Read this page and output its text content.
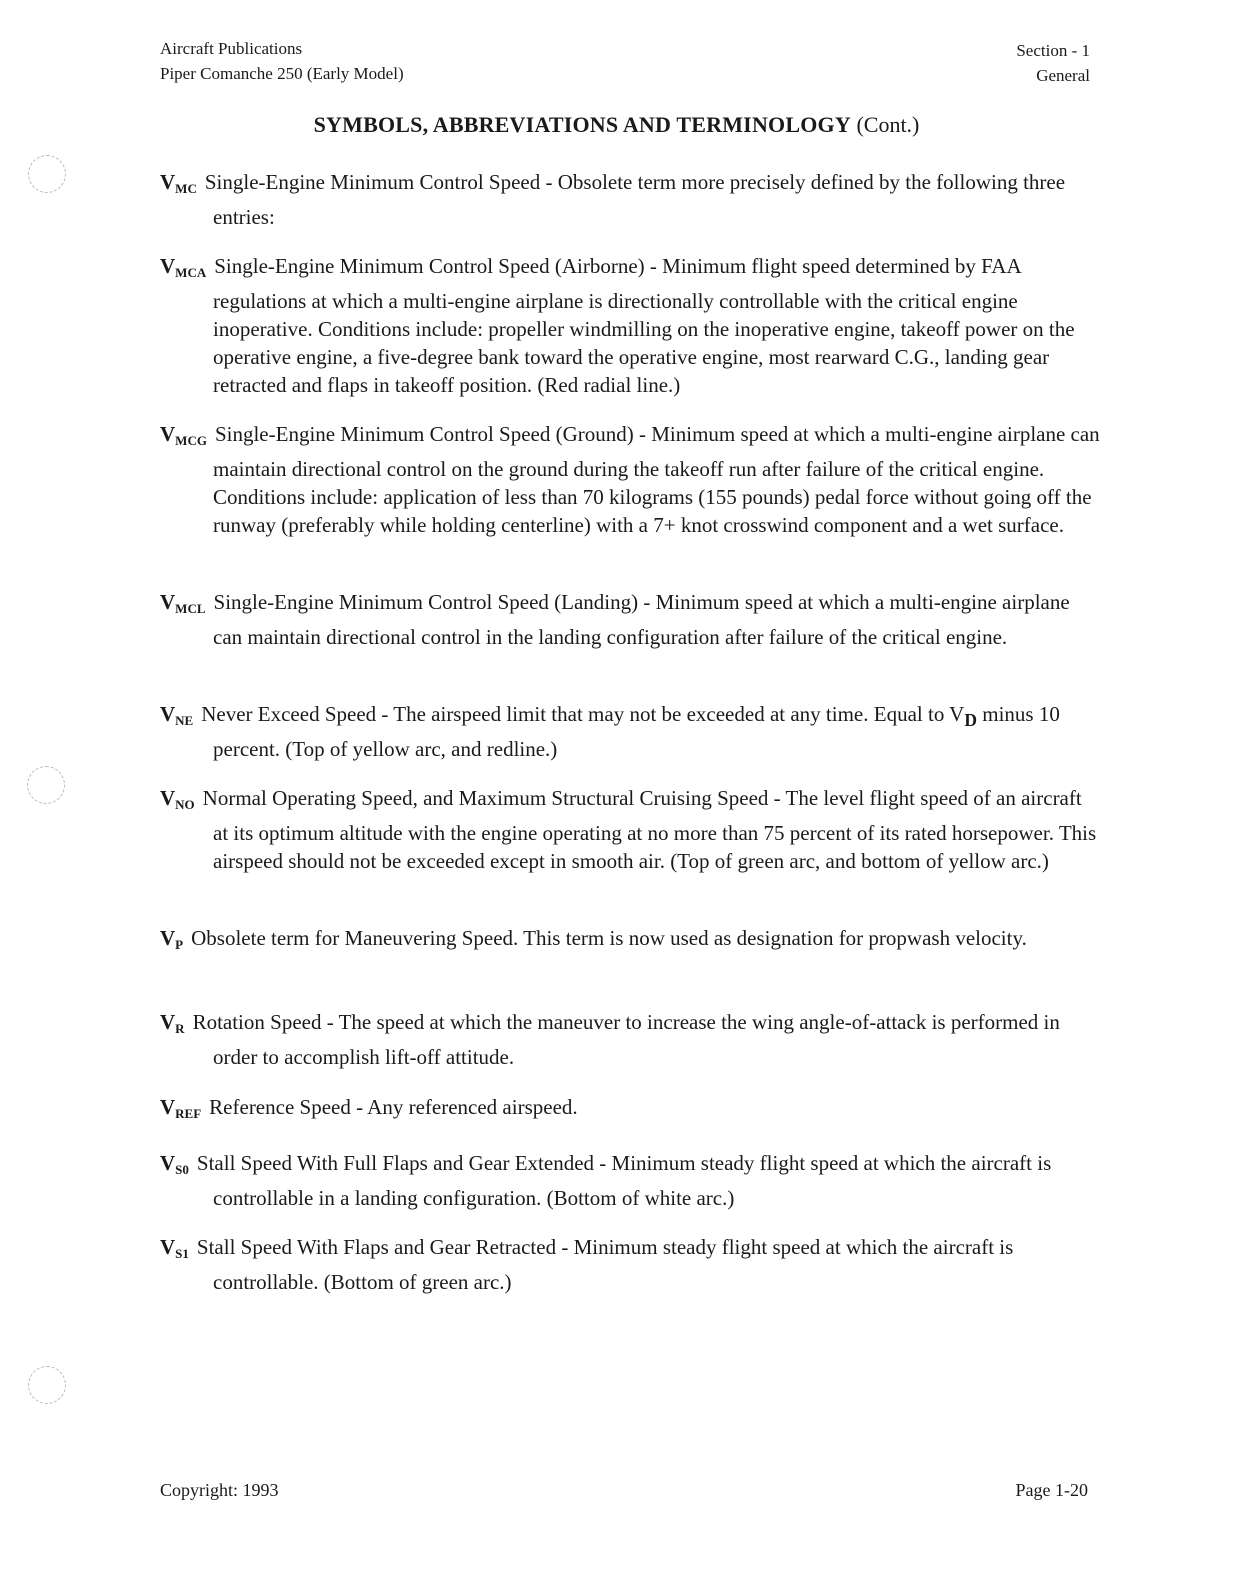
Aircraft Publications
Piper Comanche 250 (Early Model)
Section - 1
General
SYMBOLS, ABBREVIATIONS AND TERMINOLOGY (Cont.)

$V_{MC}$ Single-Engine Minimum Control Speed - Obsolete term more precisely defined by the following three entries:

$V_{MCA}$ Single-Engine Minimum Control Speed (Airborne) - Minimum flight speed determined by FAA regulations at which a multi-engine airplane is directionally controllable with the critical engine inoperative. Conditions include: propeller windmilling on the inoperative engine, takeoff power on the operative engine, a five-degree bank toward the operative engine, most rearward C.G., landing gear retracted and flaps in takeoff position. (Red radial line.)

$V_{MCG}$ Single-Engine Minimum Control Speed (Ground) - Minimum speed at which a multi-engine airplane can maintain directional control on the ground during the takeoff run after failure of the critical engine. Conditions include: application of less than 70 kilograms (155 pounds) pedal force without going off the runway (preferably while holding centerline) with a 7+ knot crosswind component and a wet surface.

$V_{MCL}$ Single-Engine Minimum Control Speed (Landing) - Minimum speed at which a multi-engine airplane can maintain directional control in the landing configuration after failure of the critical engine.

$V_{NE}$ Never Exceed Speed - The airspeed limit that may not be exceeded at any time. Equal to $V_D$ minus 10 percent. (Top of yellow arc, and redline.)

$V_{NO}$ Normal Operating Speed, and Maximum Structural Cruising Speed - The level flight speed of an aircraft at its optimum altitude with the engine operating at no more than 75 percent of its rated horsepower. This airspeed should not be exceeded except in smooth air. (Top of green arc, and bottom of yellow arc.)

$V_P$ Obsolete term for Maneuvering Speed. This term is now used as designation for propwash velocity.

$V_R$ Rotation Speed - The speed at which the maneuver to increase the wing angle-of-attack is performed in order to accomplish lift-off attitude.

$V_{REF}$ Reference Speed - Any referenced airspeed.

$V_{S0}$ Stall Speed With Full Flaps and Gear Extended - Minimum steady flight speed at which the aircraft is controllable in a landing configuration. (Bottom of white arc.)

$V_{S1}$ Stall Speed With Flaps and Gear Retracted - Minimum steady flight speed at which the aircraft is controllable. (Bottom of green arc.)

Copyright: 1993	Page 1-20
